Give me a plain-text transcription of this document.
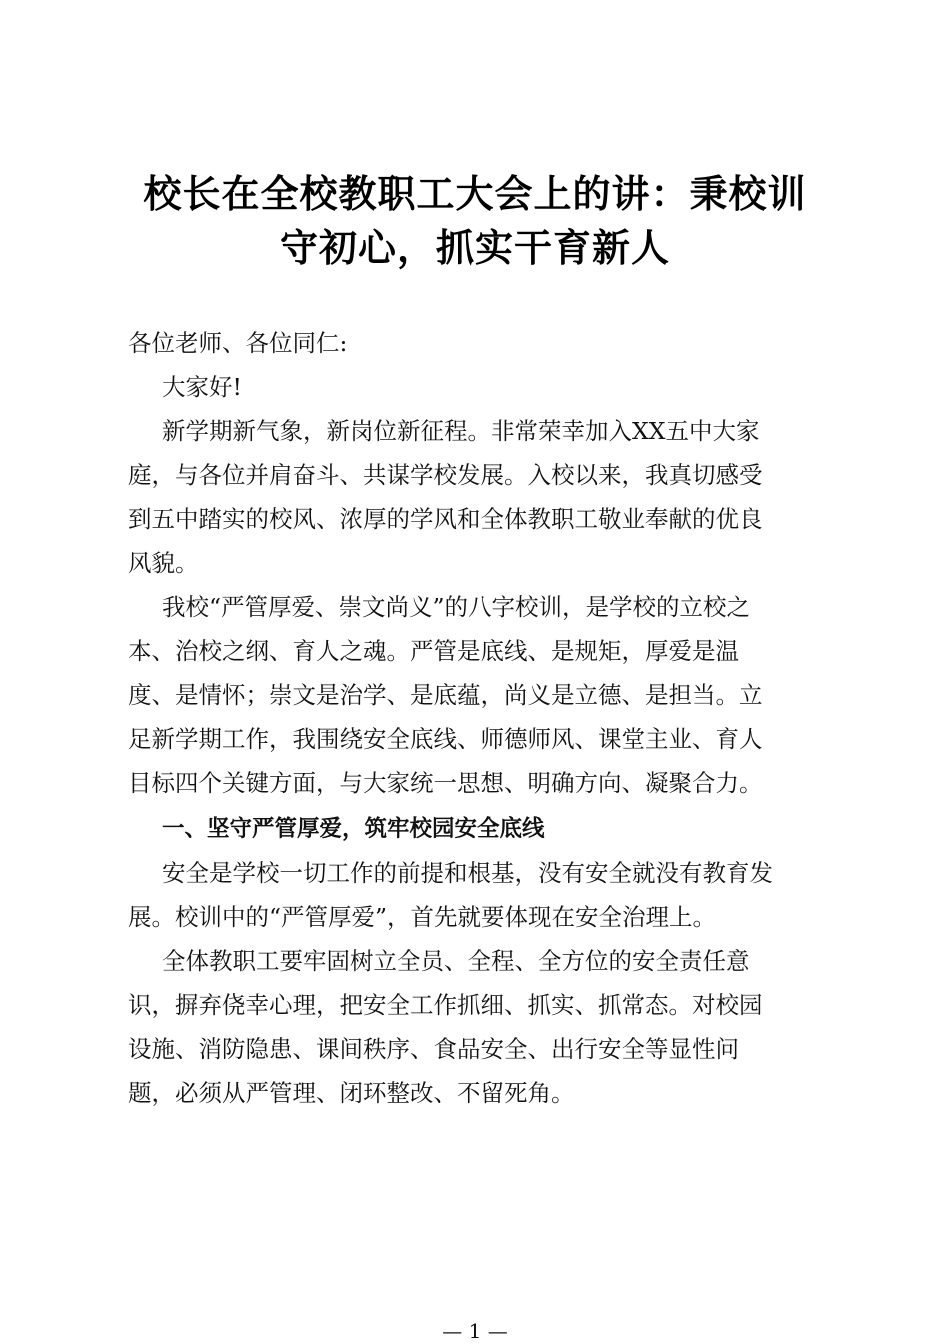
校长在全校教职工大会上的讲：秉校训
守初心，抓实干育新人
各位老师、各位同仁:
大家好!
新学期新气象，新岗位新征程。非常荣幸加入XX五中大家
庭，与各位并肩奋斗、共谋学校发展。入校以来，我真切感受
到五中踏实的校风、浓厚的学风和全体教职工敬业奉献的优良
风貌。
我校“严管厚爱、崇文尚义”的八字校训，是学校的立校之
本、治校之纲、育人之魂。严管是底线、是规矩，厚爱是温
度、是情怀；崇文是治学、是底蕴，尚义是立德、是担当。立
足新学期工作，我围绕安全底线、师德师风、课堂主业、育人
目标四个关键方面，与大家统一思想、明确方向、凝聚合力。
一、坚守严管厚爱，筑牢校园安全底线
安全是学校一切工作的前提和根基，没有安全就没有教育发
展。校训中的“严管厚爱”，首先就要体现在安全治理上。
全体教职工要牢固树立全员、全程、全方位的安全责任意
识，摒弃侥幸心理，把安全工作抓细、抓实、抓常态。对校园
设施、消防隐患、课间秩序、食品安全、出行安全等显性问
题，必须从严管理、闭环整改、不留死角。
— 1 —
